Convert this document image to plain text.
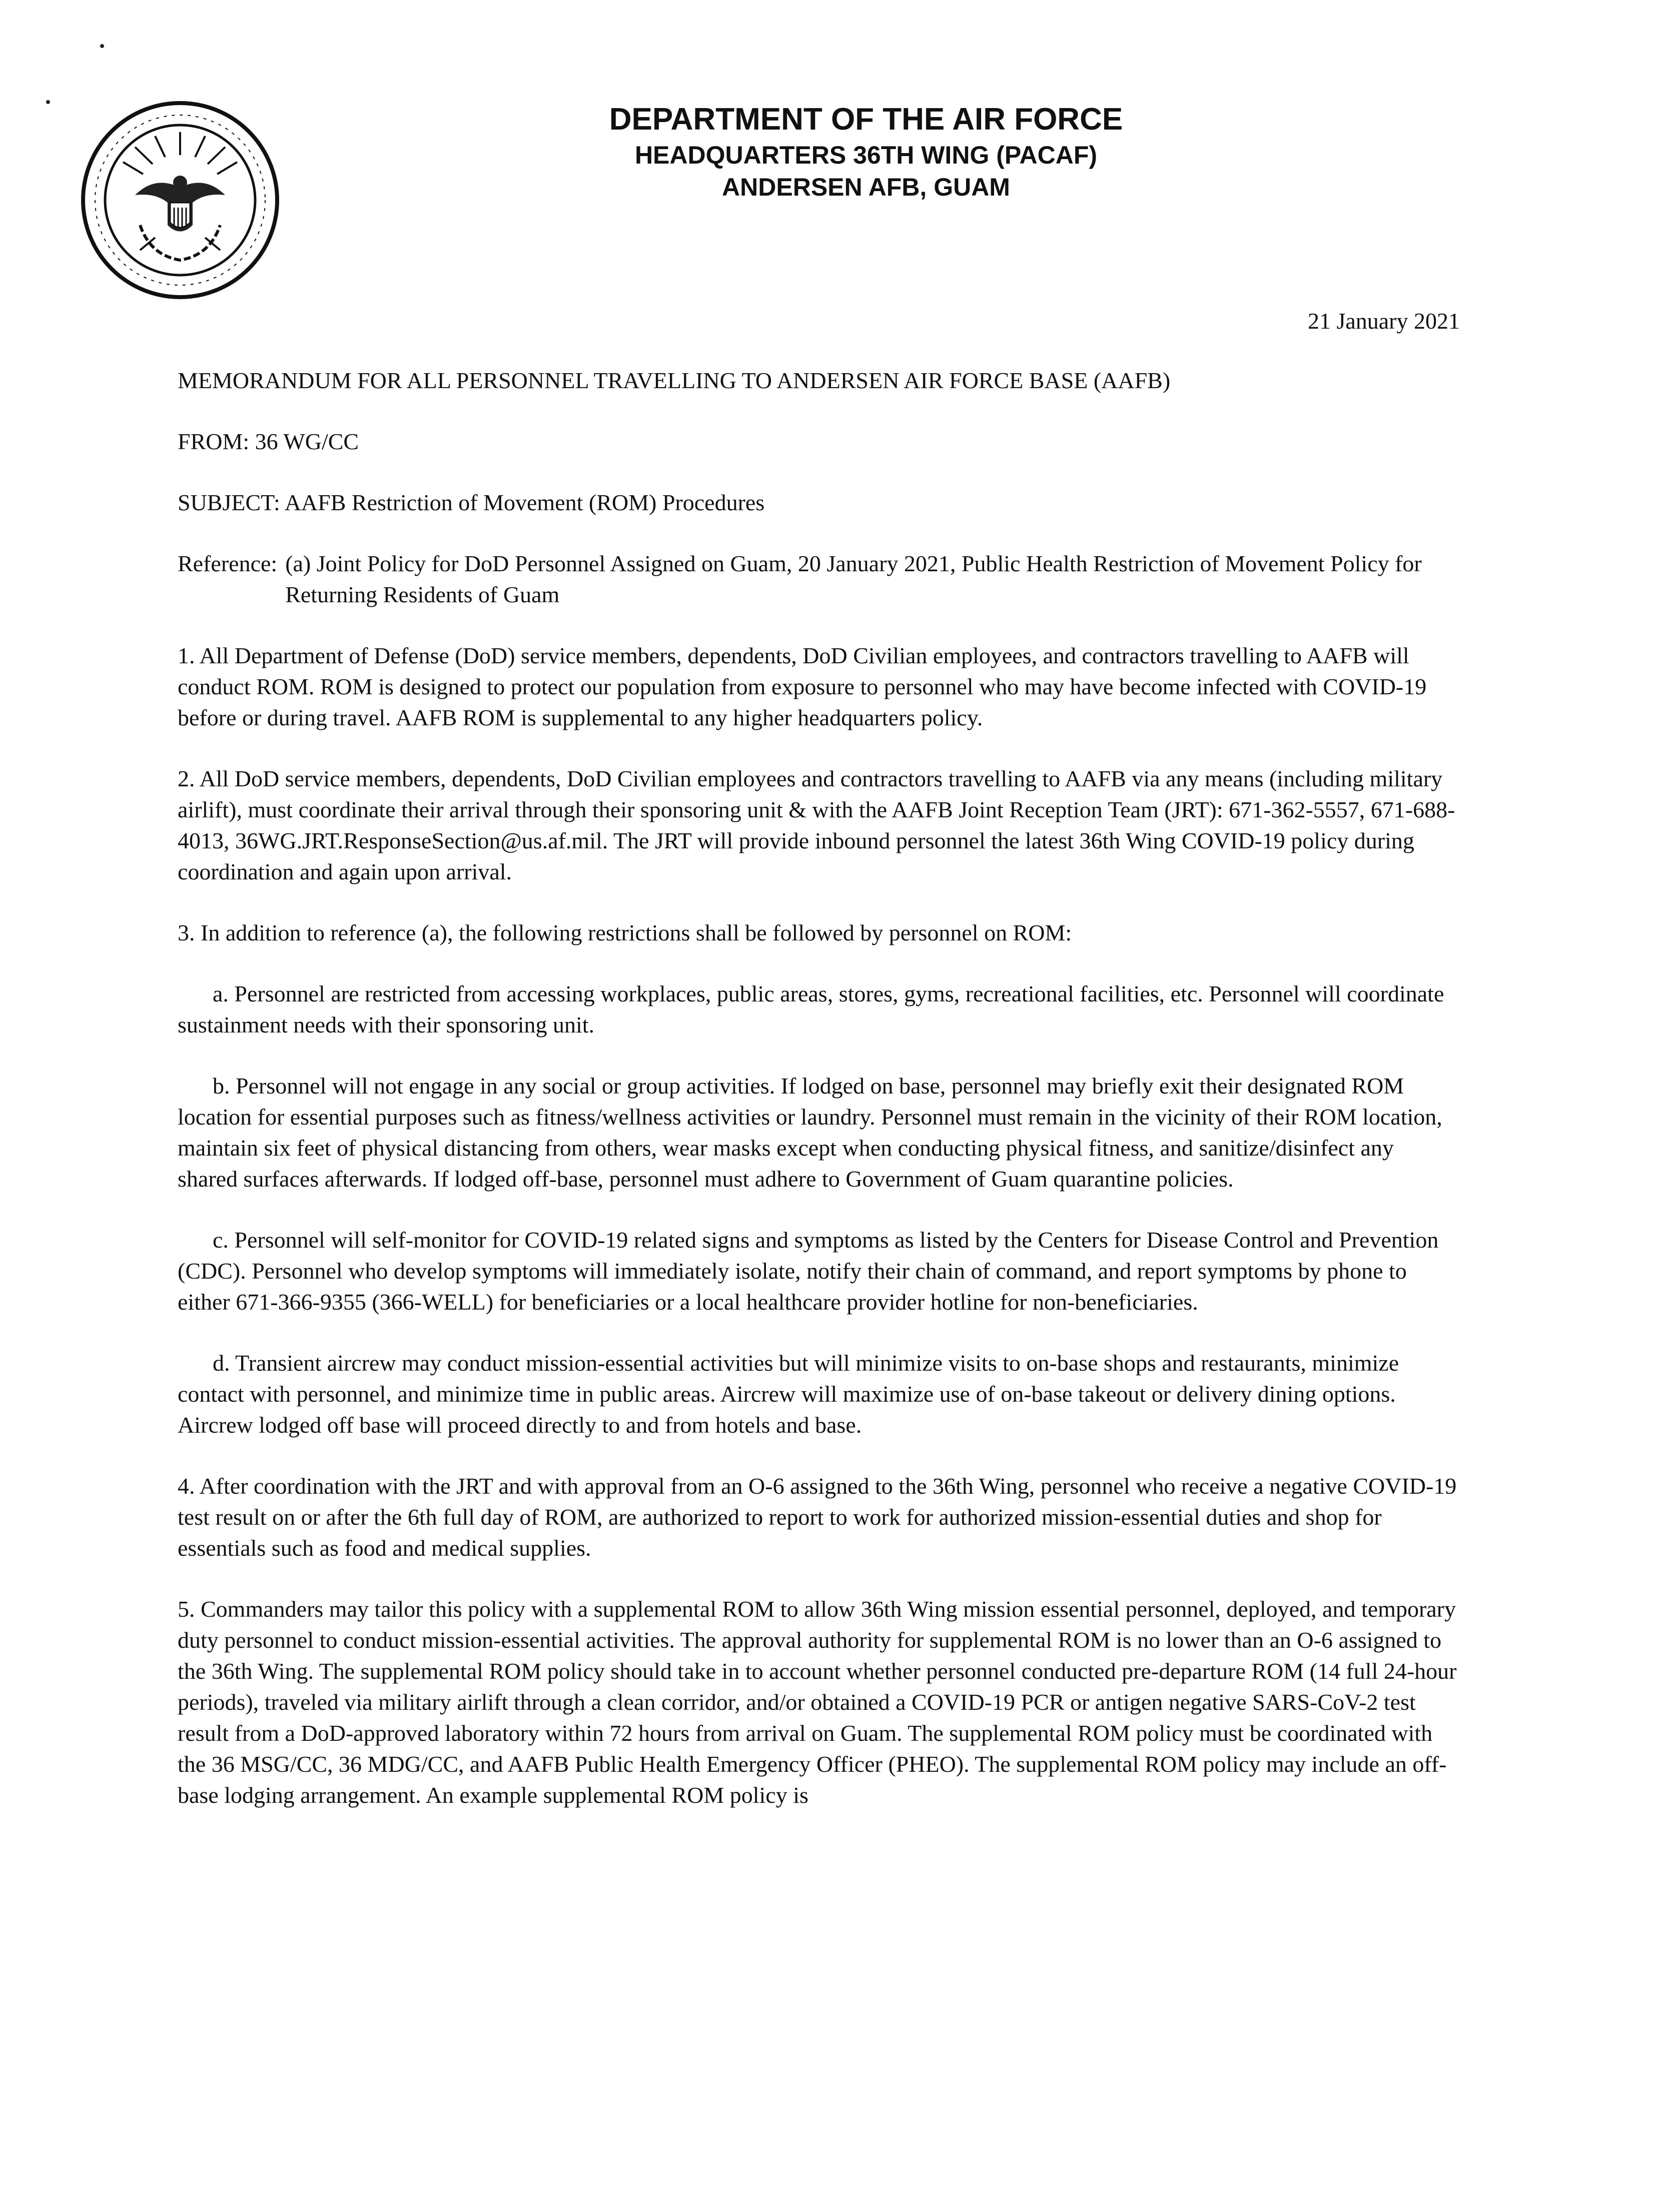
DEPARTMENT OF THE AIR FORCE
HEADQUARTERS 36TH WING (PACAF)
ANDERSEN AFB, GUAM
21 January 2021

MEMORANDUM FOR ALL PERSONNEL TRAVELLING TO ANDERSEN AIR FORCE BASE (AAFB)

FROM: 36 WG/CC

SUBJECT: AAFB Restriction of Movement (ROM) Procedures

Reference: (a) Joint Policy for DoD Personnel Assigned on Guam, 20 January 2021, Public Health Restriction of Movement Policy for Returning Residents of Guam

1. All Department of Defense (DoD) service members, dependents, DoD Civilian employees, and contractors travelling to AAFB will conduct ROM. ROM is designed to protect our population from exposure to personnel who may have become infected with COVID-19 before or during travel. AAFB ROM is supplemental to any higher headquarters policy.

2. All DoD service members, dependents, DoD Civilian employees and contractors travelling to AAFB via any means (including military airlift), must coordinate their arrival through their sponsoring unit & with the AAFB Joint Reception Team (JRT): 671-362-5557, 671-688-4013, 36WG.JRT.ResponseSection@us.af.mil. The JRT will provide inbound personnel the latest 36th Wing COVID-19 policy during coordination and again upon arrival.

3. In addition to reference (a), the following restrictions shall be followed by personnel on ROM:

a. Personnel are restricted from accessing workplaces, public areas, stores, gyms, recreational facilities, etc. Personnel will coordinate sustainment needs with their sponsoring unit.

b. Personnel will not engage in any social or group activities. If lodged on base, personnel may briefly exit their designated ROM location for essential purposes such as fitness/wellness activities or laundry. Personnel must remain in the vicinity of their ROM location, maintain six feet of physical distancing from others, wear masks except when conducting physical fitness, and sanitize/disinfect any shared surfaces afterwards. If lodged off-base, personnel must adhere to Government of Guam quarantine policies.

c. Personnel will self-monitor for COVID-19 related signs and symptoms as listed by the Centers for Disease Control and Prevention (CDC). Personnel who develop symptoms will immediately isolate, notify their chain of command, and report symptoms by phone to either 671-366-9355 (366-WELL) for beneficiaries or a local healthcare provider hotline for non-beneficiaries.

d. Transient aircrew may conduct mission-essential activities but will minimize visits to on-base shops and restaurants, minimize contact with personnel, and minimize time in public areas. Aircrew will maximize use of on-base takeout or delivery dining options. Aircrew lodged off base will proceed directly to and from hotels and base.

4. After coordination with the JRT and with approval from an O-6 assigned to the 36th Wing, personnel who receive a negative COVID-19 test result on or after the 6th full day of ROM, are authorized to report to work for authorized mission-essential duties and shop for essentials such as food and medical supplies.

5. Commanders may tailor this policy with a supplemental ROM to allow 36th Wing mission essential personnel, deployed, and temporary duty personnel to conduct mission-essential activities. The approval authority for supplemental ROM is no lower than an O-6 assigned to the 36th Wing. The supplemental ROM policy should take in to account whether personnel conducted pre-departure ROM (14 full 24-hour periods), traveled via military airlift through a clean corridor, and/or obtained a COVID-19 PCR or antigen negative SARS-CoV-2 test result from a DoD-approved laboratory within 72 hours from arrival on Guam. The supplemental ROM policy must be coordinated with the 36 MSG/CC, 36 MDG/CC, and AAFB Public Health Emergency Officer (PHEO). The supplemental ROM policy may include an off-base lodging arrangement. An example supplemental ROM policy is
